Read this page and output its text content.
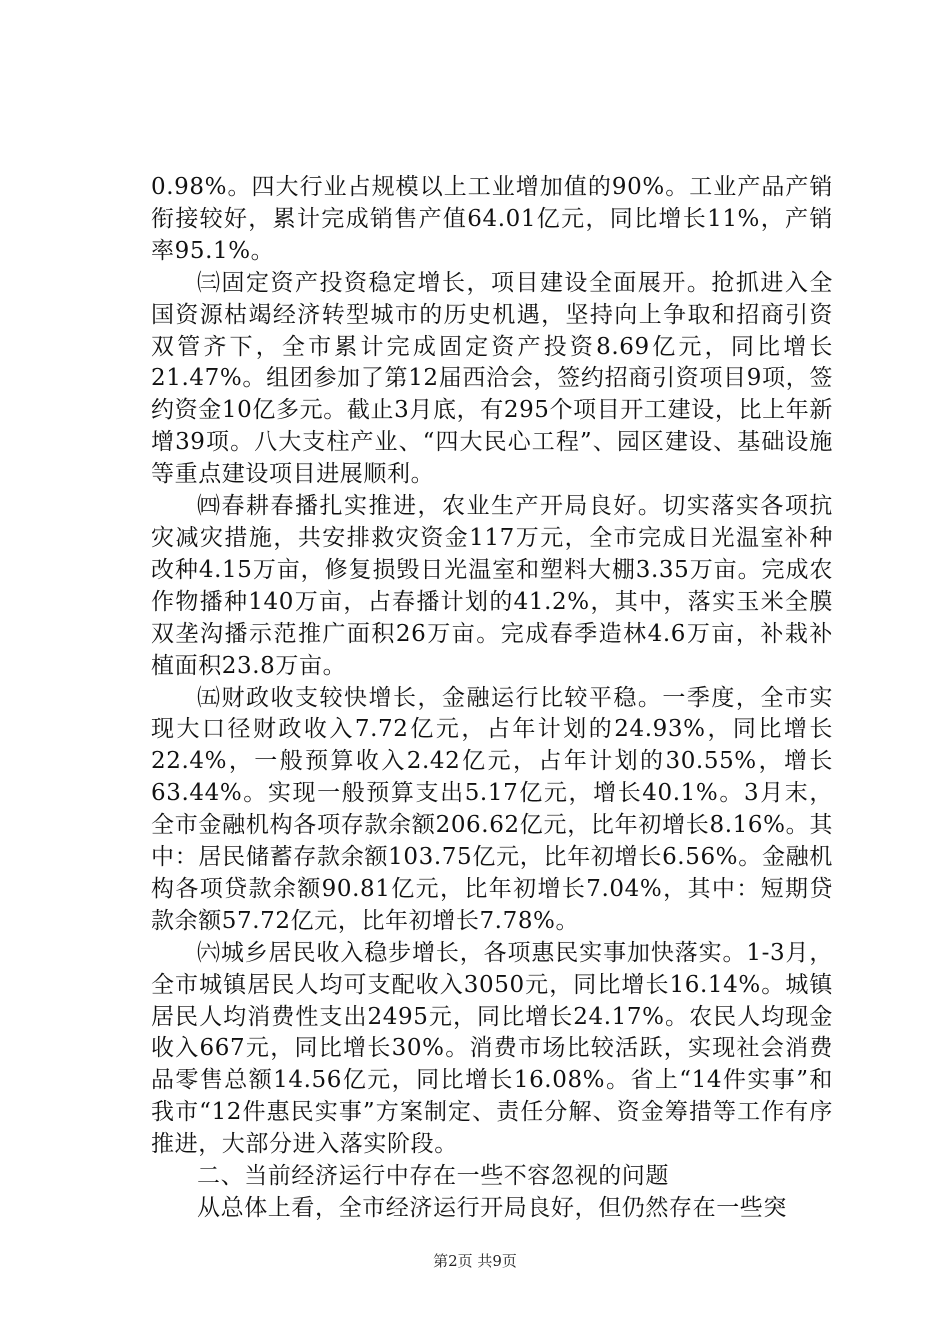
0.98%。四大行业占规模以上工业增加值的90%。工业产品产销衔接较好，累计完成销售产值64.01亿元，同比增长11%，产销率95.1%。

㈢固定资产投资稳定增长，项目建设全面展开。抢抓进入全国资源枯竭经济转型城市的历史机遇，坚持向上争取和招商引资双管齐下，全市累计完成固定资产投资8.69亿元，同比增长21.47%。组团参加了第12届西洽会，签约招商引资项目9项，签约资金10亿多元。截止3月底，有295个项目开工建设，比上年新增39项。八大支柱产业、“四大民心工程”、园区建设、基础设施等重点建设项目进展顺利。

㈣春耕春播扎实推进，农业生产开局良好。切实落实各项抗灾减灾措施，共安排救灾资金117万元，全市完成日光温室补种改种4.15万亩，修复损毁日光温室和塑料大棚3.35万亩。完成农作物播种140万亩，占春播计划的41.2%，其中，落实玉米全膜双垄沟播示范推广面积26万亩。完成春季造林4.6万亩，补栽补植面积23.8万亩。

㈤财政收支较快增长，金融运行比较平稳。一季度，全市实现大口径财政收入7.72亿元，占年计划的24.93%，同比增长22.4%，一般预算收入2.42亿元，占年计划的30.55%，增长63.44%。实现一般预算支出5.17亿元，增长40.1%。3月末，全市金融机构各项存款余额206.62亿元，比年初增长8.16%。其中：居民储蓄存款余额103.75亿元，比年初增长6.56%。金融机构各项贷款余额90.81亿元，比年初增长7.04%，其中：短期贷款余额57.72亿元，比年初增长7.78%。

㈥城乡居民收入稳步增长，各项惠民实事加快落实。1-3月，全市城镇居民人均可支配收入3050元，同比增长16.14%。城镇居民人均消费性支出2495元，同比增长24.17%。农民人均现金收入667元，同比增长30%。消费市场比较活跃，实现社会消费品零售总额14.56亿元，同比增长16.08%。省上“14件实事”和我市“12件惠民实事”方案制定、责任分解、资金筹措等工作有序推进，大部分进入落实阶段。

二、当前经济运行中存在一些不容忽视的问题

从总体上看，全市经济运行开局良好，但仍然存在一些突

第2页 共9页
